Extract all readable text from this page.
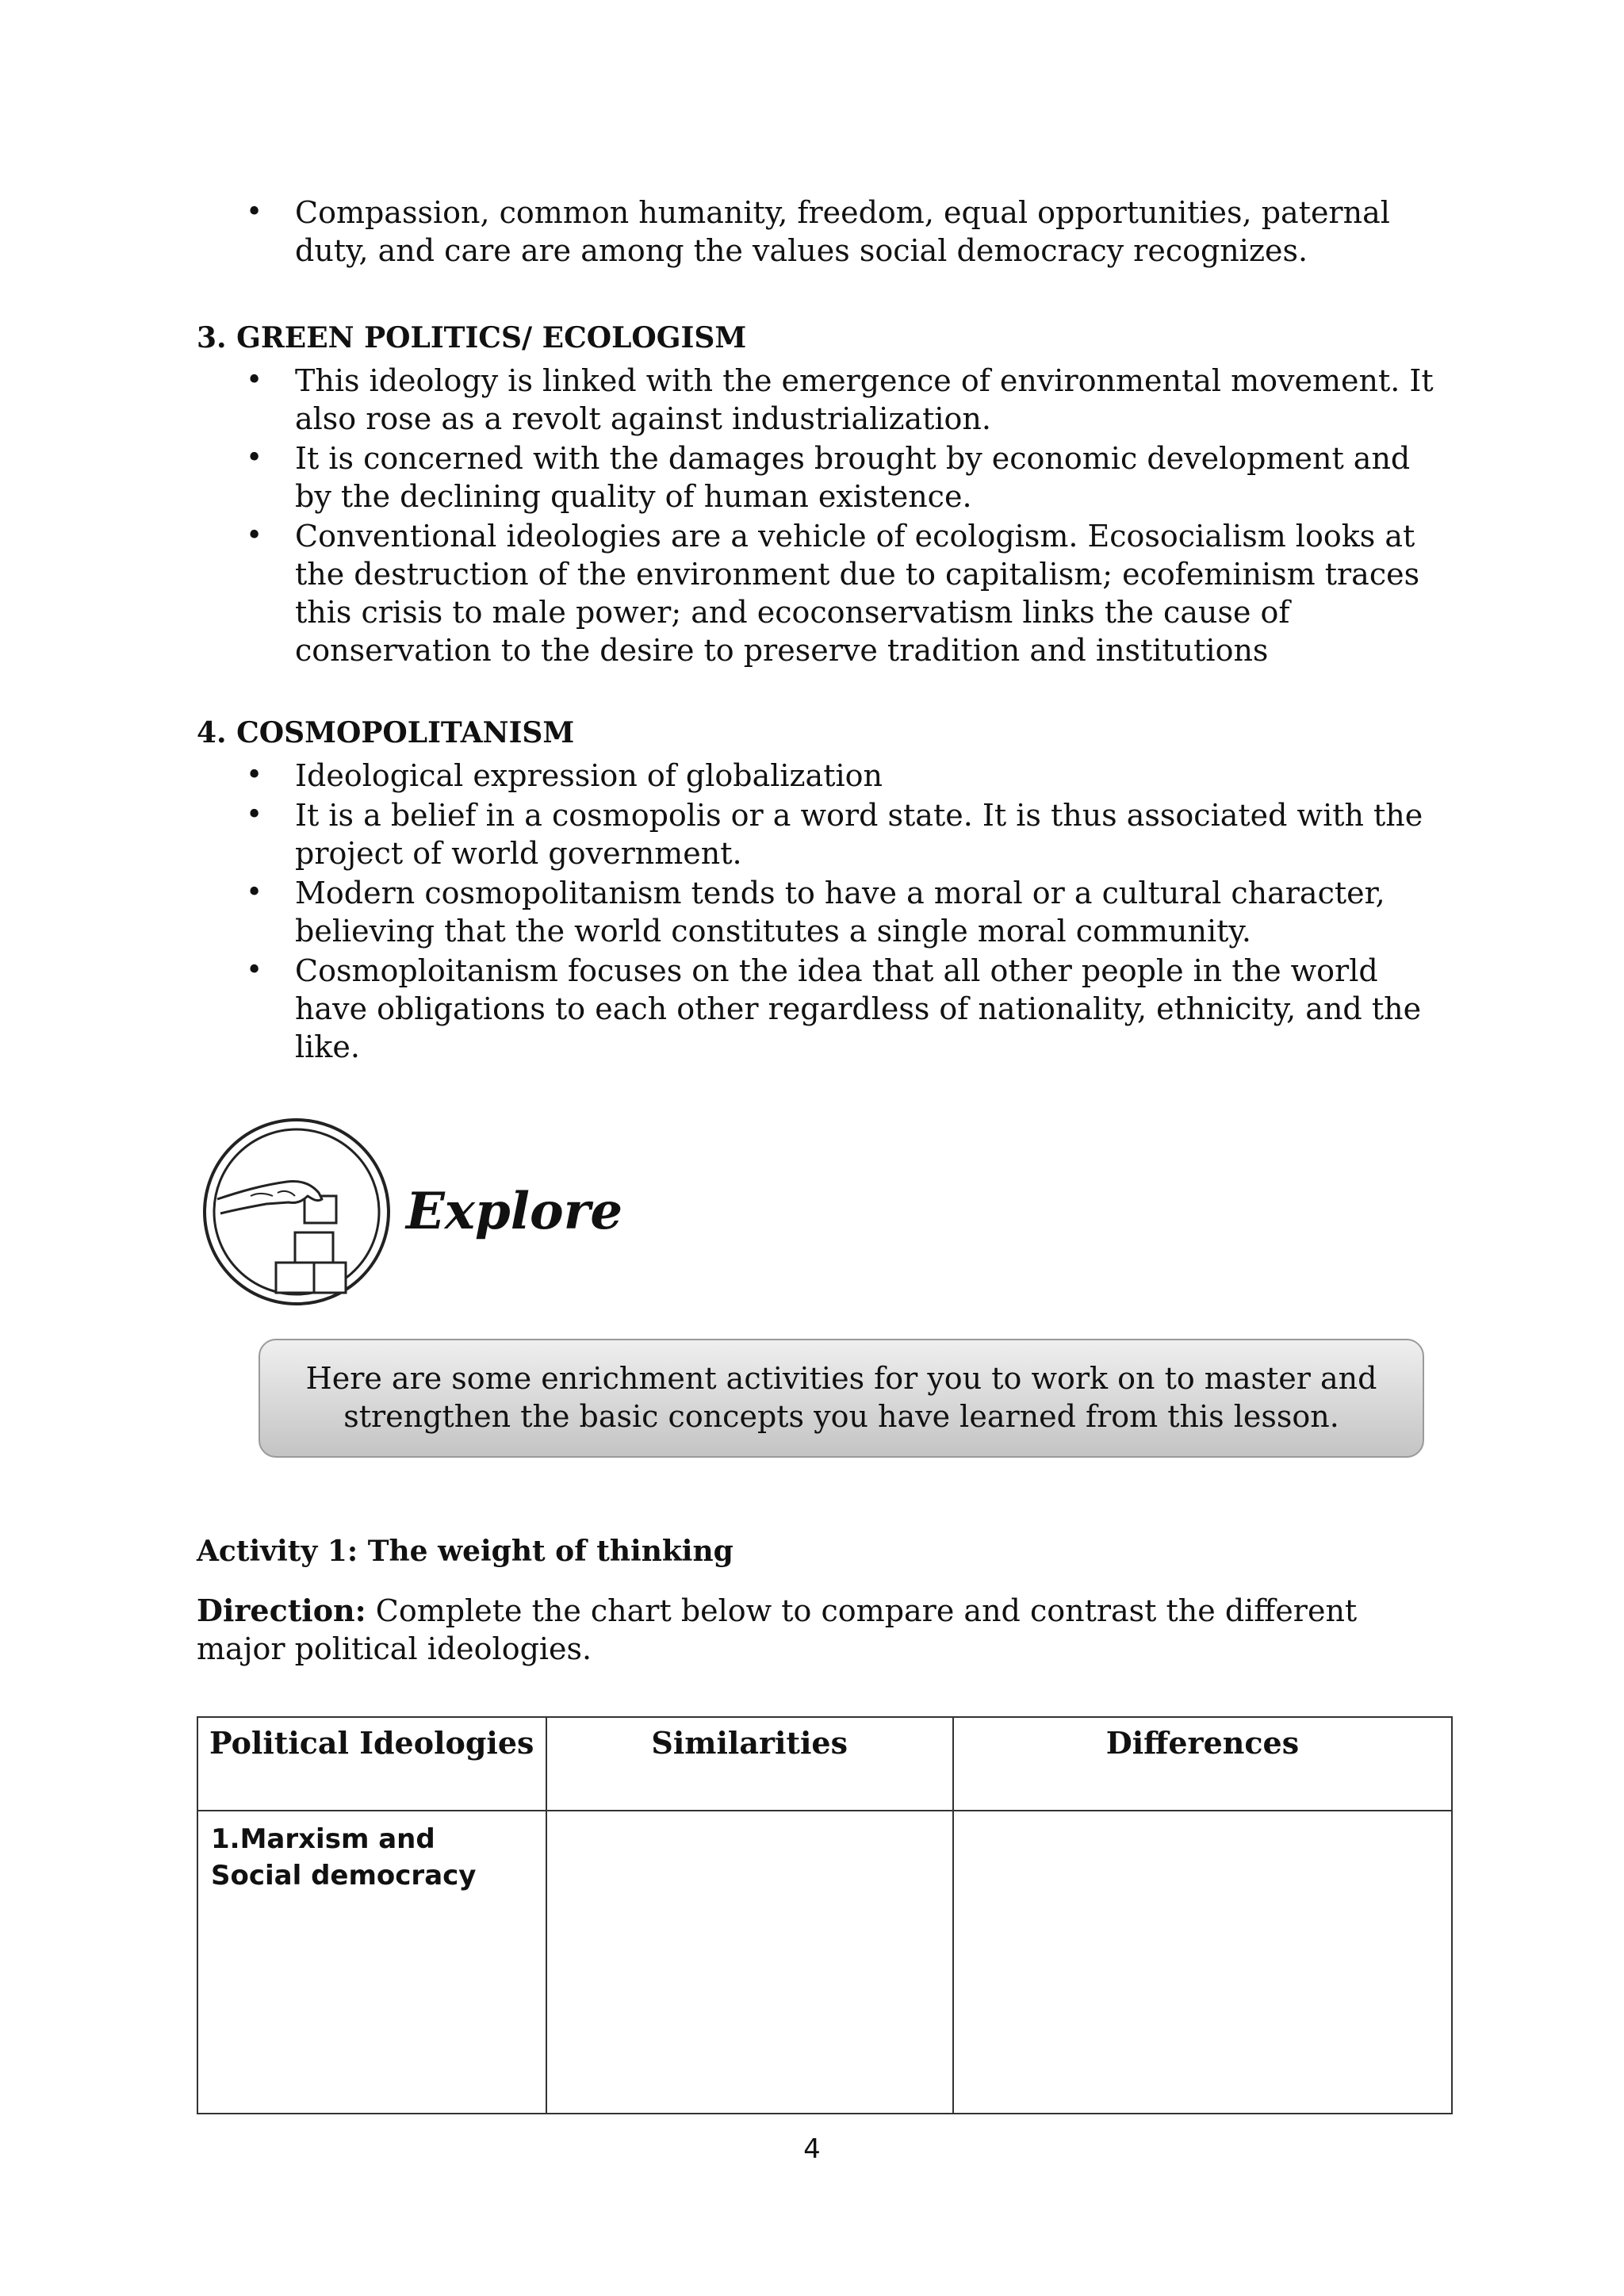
• Compassion, common humanity, freedom, equal opportunities, paternal duty, and care are among the values social democracy recognizes.
3. GREEN POLITICS/ ECOLOGISM
• This ideology is linked with the emergence of environmental movement. It also rose as a revolt against industrialization.
• It is concerned with the damages brought by economic development and by the declining quality of human existence.
• Conventional ideologies are a vehicle of ecologism. Ecosocialism looks at the destruction of the environment due to capitalism; ecofeminism traces this crisis to male power; and ecoconservatism links the cause of conservation to the desire to preserve tradition and institutions
4. COSMOPOLITANISM
• Ideological expression of globalization
• It is a belief in a cosmopolis or a word state. It is thus associated with the project of world government.
• Modern cosmopolitanism tends to have a moral or a cultural character, believing that the world constitutes a single moral community.
• Cosmoploitanism focuses on the idea that all other people in the world have obligations to each other regardless of nationality, ethnicity, and the like.
Explore
Here are some enrichment activities for you to work on to master and strengthen the basic concepts you have learned from this lesson.
Activity 1: The weight of thinking
Direction: Complete the chart below to compare and contrast the different major political ideologies.
Political Ideologies	Similarities	Differences
1.Marxism and Social democracy		
4
